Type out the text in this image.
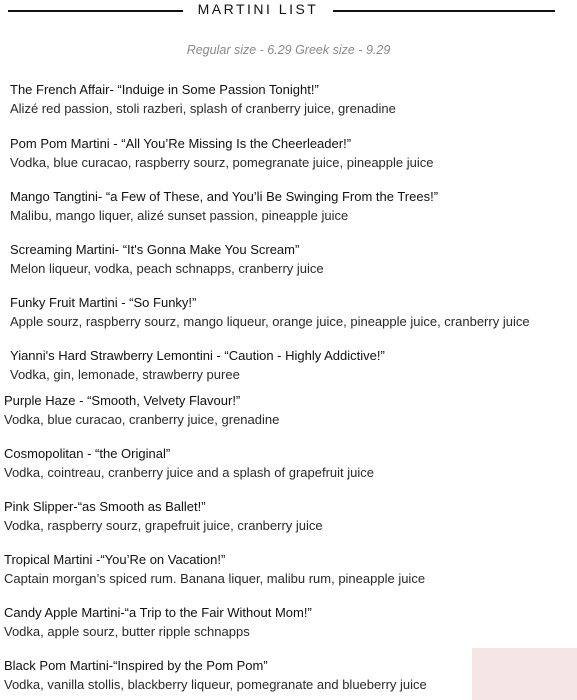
MARTINI LIST
Regular size - 6.29 Greek size - 9.29
The French Affair- “Induige in Some Passion Tonight!”
Alizé red passion, stoli razberi, splash of cranberry juice, grenadine
Pom Pom Martini - “All You’Re Missing Is the Cheerleader!”
Vodka, blue curacao, raspberry sourz, pomegranate juice, pineapple juice
Mango Tangtini- “a Few of These, and You’li Be Swinging From the Trees!”
Malibu, mango liquer, alizé sunset passion, pineapple juice
Screaming Martini- “It's Gonna Make You Scream”
Melon liqueur, vodka, peach schnapps, cranberry juice
Funky Fruit Martini - “So Funky!”
Apple sourz, raspberry sourz, mango liqueur, orange juice, pineapple juice, cranberry juice
Yianni's Hard Strawberry Lemontini - “Caution - Highly Addictive!”
Vodka, gin, lemonade, strawberry puree
Purple Haze - “Smooth, Velvety Flavour!”
Vodka, blue curacao, cranberry juice, grenadine
Cosmopolitan - “the Original”
Vodka, cointreau, cranberry juice and a splash of grapefruit juice
Pink Slipper-“as Smooth as Ballet!”
Vodka, raspberry sourz, grapefruit juice, cranberry juice
Tropical Martini -“You’Re on Vacation!”
Captain morgan’s spiced rum. Banana liquer, malibu rum, pineapple juice
Candy Apple Martini-“a Trip to the Fair Without Mom!”
Vodka, apple sourz, butter ripple schnapps
Black Pom Martini-“Inspired by the Pom Pom”
Vodka, vanilla stollis, blackberry liqueur, pomegranate and blueberry juice
